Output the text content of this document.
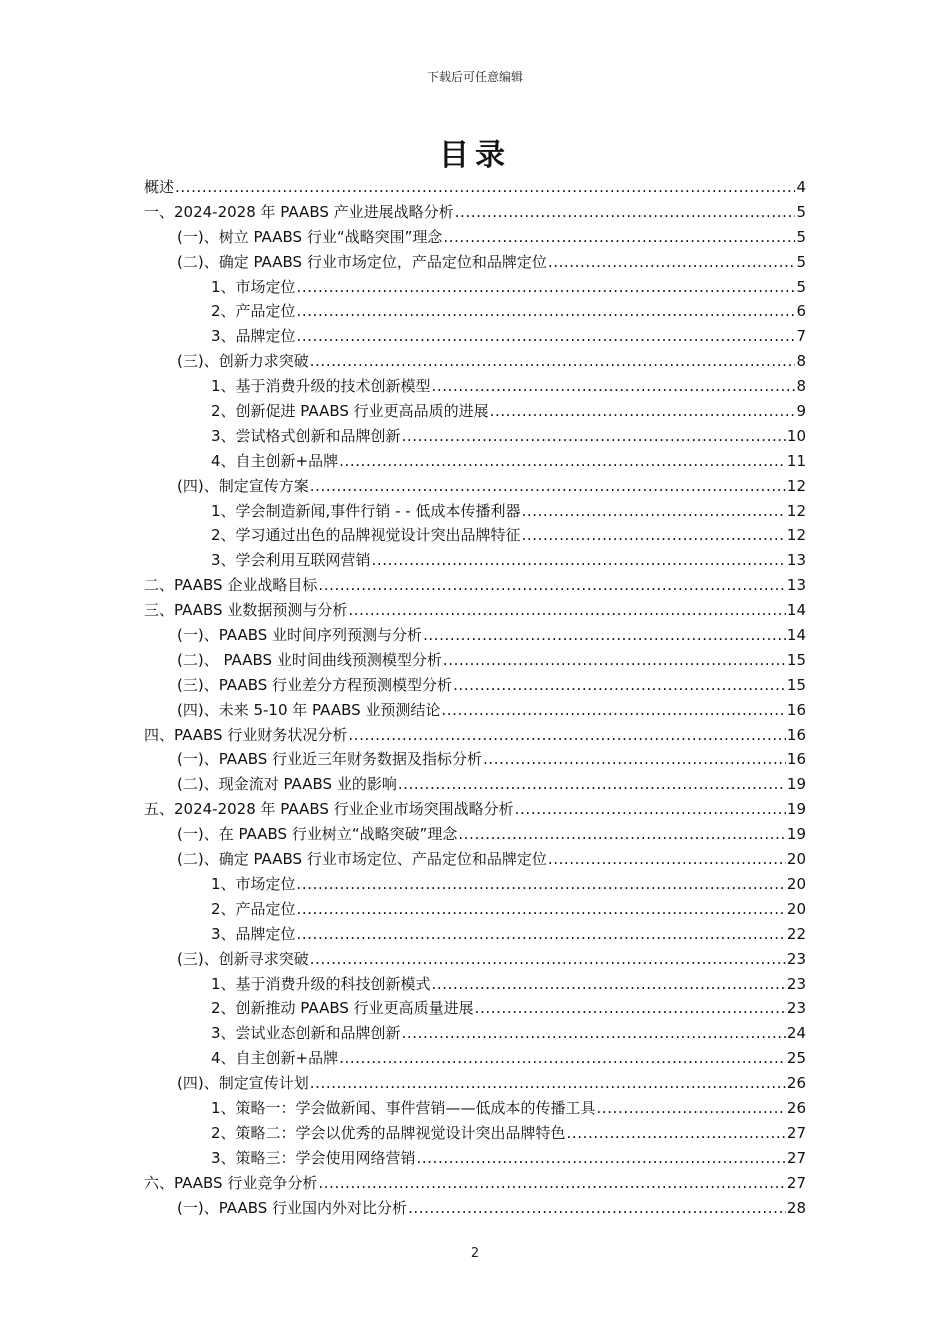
下载后可任意编辑
目录
概述 .....	4
一、2024-2028 年 PAABS 产业进展战略分析 .....	5
(一)、树立 PAABS 行业“战略突围”理念 .....	5
(二)、确定 PAABS 行业市场定位，产品定位和品牌定位 .....	5
1、市场定位 .....	5
2、产品定位 .....	6
3、品牌定位 .....	7
(三)、创新力求突破 .....	8
1、基于消费升级的技术创新模型 .....	8
2、创新促进 PAABS 行业更高品质的进展 .....	9
3、尝试格式创新和品牌创新 .....	10
4、自主创新+品牌 .....	11
(四)、制定宣传方案 .....	12
1、学会制造新闻,事件行销 - - 低成本传播利器 .....	12
2、学习通过出色的品牌视觉设计突出品牌特征 .....	12
3、学会利用互联网营销 .....	13
二、PAABS 企业战略目标 .....	13
三、PAABS 业数据预测与分析 .....	14
(一)、PAABS 业时间序列预测与分析 .....	14
(二)、 PAABS 业时间曲线预测模型分析 .....	15
(三)、PAABS 行业差分方程预测模型分析 .....	15
(四)、未来 5-10 年 PAABS 业预测结论 .....	16
四、PAABS 行业财务状况分析 .....	16
(一)、PAABS 行业近三年财务数据及指标分析 .....	16
(二)、现金流对 PAABS 业的影响 .....	19
五、2024-2028 年 PAABS 行业企业市场突围战略分析 .....	19
(一)、在 PAABS 行业树立“战略突破”理念 .....	19
(二)、确定 PAABS 行业市场定位、产品定位和品牌定位 .....	20
1、市场定位 .....	20
2、产品定位 .....	20
3、品牌定位 .....	22
(三)、创新寻求突破 .....	23
1、基于消费升级的科技创新模式 .....	23
2、创新推动 PAABS 行业更高质量进展 .....	23
3、尝试业态创新和品牌创新 .....	24
4、自主创新+品牌 .....	25
(四)、制定宣传计划 .....	26
1、策略一：学会做新闻、事件营销——低成本的传播工具 .....	26
2、策略二：学会以优秀的品牌视觉设计突出品牌特色 .....	27
3、策略三：学会使用网络营销 .....	27
六、PAABS 行业竞争分析 .....	27
(一)、PAABS 行业国内外对比分析 .....	28
2
